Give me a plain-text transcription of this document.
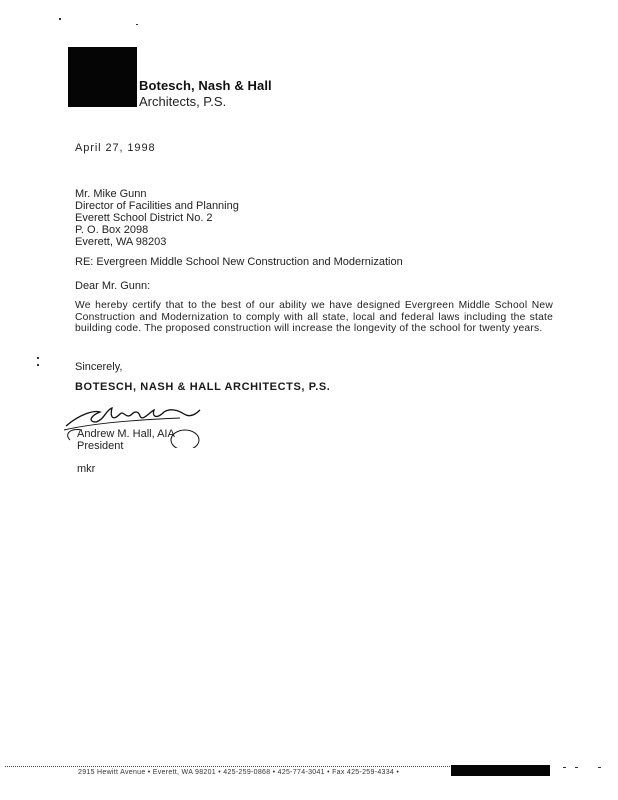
Botesch, Nash & Hall
Architects, P.S.
April 27, 1998
Mr. Mike Gunn
Director of Facilities and Planning
Everett School District No. 2
P. O. Box 2098
Everett, WA 98203
RE: Evergreen Middle School New Construction and Modernization
Dear Mr. Gunn:
We hereby certify that to the best of our ability we have designed Evergreen Middle School New Construction and Modernization to comply with all state, local and federal laws including the state building code. The proposed construction will increase the longevity of the school for twenty years.
Sincerely,
BOTESCH, NASH & HALL ARCHITECTS, P.S.
Andrew M. Hall, AIA
President
mkr
2915 Hewitt Avenue • Everett, WA 98201 • 425-259-0868 • 425-774-3041 • Fax 425-259-4334 •
